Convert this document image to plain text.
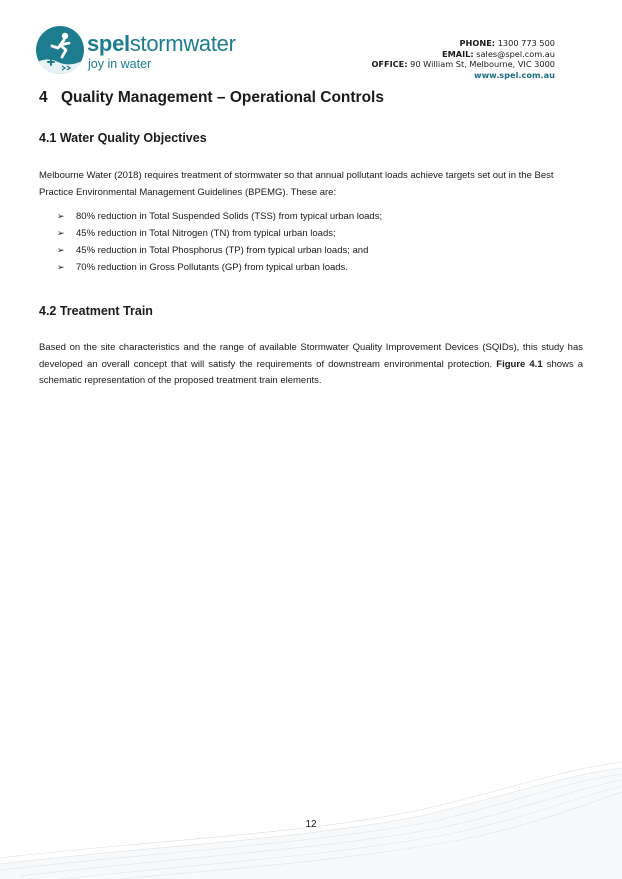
spelstormwater
joy in water
PHONE: 1300 773 500
EMAIL: sales@spel.com.au
OFFICE: 90 William St, Melbourne, VIC 3000
www.spel.com.au
4 Quality Management – Operational Controls
4.1 Water Quality Objectives

Melbourne Water (2018) requires treatment of stormwater so that annual pollutant loads achieve targets set out in the Best Practice Environmental Management Guidelines (BPEMG). These are:

➢ 80% reduction in Total Suspended Solids (TSS) from typical urban loads;
➢ 45% reduction in Total Nitrogen (TN) from typical urban loads;
➢ 45% reduction in Total Phosphorus (TP) from typical urban loads; and
➢ 70% reduction in Gross Pollutants (GP) from typical urban loads.
4.2 Treatment Train

Based on the site characteristics and the range of available Stormwater Quality Improvement Devices (SQIDs), this study has developed an overall concept that will satisfy the requirements of downstream environmental protection. Figure 4.1 shows a schematic representation of the proposed treatment train elements.

12
